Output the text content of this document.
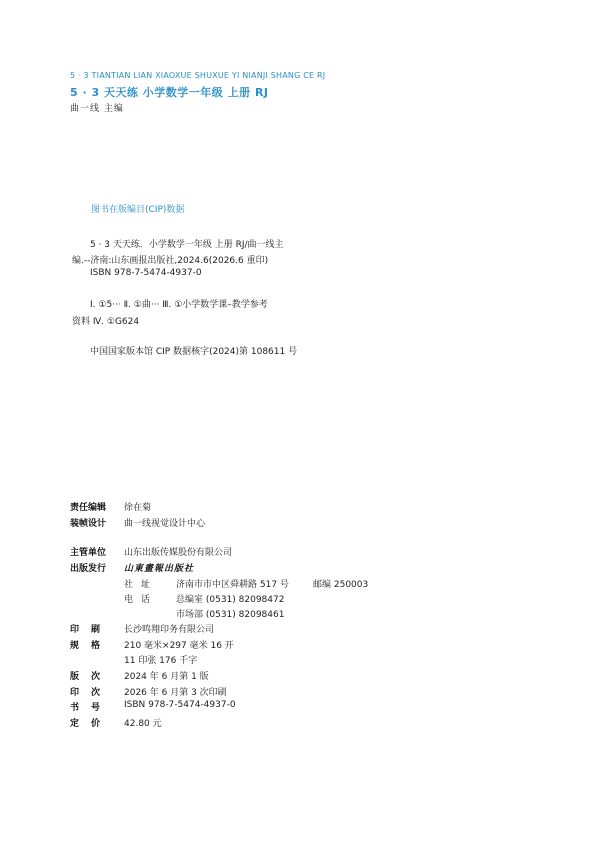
5 · 3 TIANTIAN LIAN XIAOXUE SHUXUE YI NIANJI SHANG CE RJ
5 · 3 天天练 小学数学一年级 上册 RJ
曲一线 主编
图书在版编目(CIP)数据
5 · 3 天天练．小学数学一年级 上册 RJ/曲一线主
编.--济南:山东画报出版社,2024.6(2026.6 重印)
ISBN 978-7-5474-4937-0
Ⅰ. ①5··· Ⅱ. ①曲··· Ⅲ. ①小学数学课–教学参考
资料 Ⅳ. ①G624
中国国家版本馆 CIP 数据核字(2024)第 108611 号
责任编辑 徐在菊
装帧设计 曲一线视觉设计中心
主管单位 山东出版传媒股份有限公司
出版发行 山東畫報出版社
社址 济南市市中区舜耕路 517 号	邮编 250003
电话 总编室 (0531) 82098472
市场部 (0531) 82098461
印刷 长沙鸣翔印务有限公司
规格 210 毫米×297 毫米 16 开
11 印张 176 千字
版次 2024 年 6 月第 1 版
印次 2026 年 6 月第 3 次印刷
书号 ISBN 978-7-5474-4937-0
定价 42.80 元
